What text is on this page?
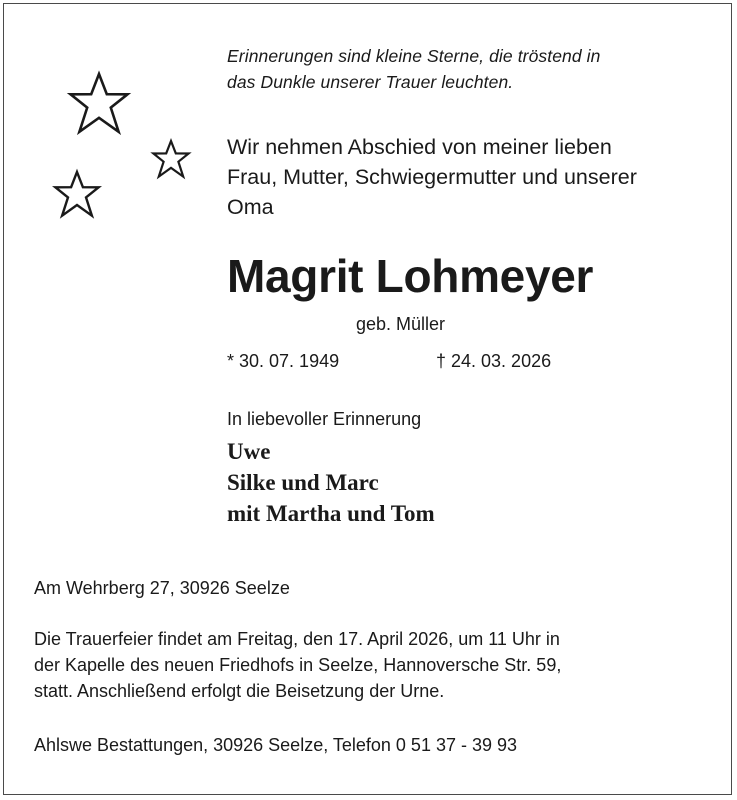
Erinnerungen sind kleine Sterne, die tröstend in
das Dunkle unserer Trauer leuchten.
Wir nehmen Abschied von meiner lieben
Frau, Mutter, Schwiegermutter und unserer
Oma
Magrit Lohmeyer
geb. Müller
* 30. 07. 1949	† 24. 03. 2026
In liebevoller Erinnerung
Uwe
Silke und Marc
mit Martha und Tom
Am Wehrberg 27, 30926 Seelze
Die Trauerfeier findet am Freitag, den 17. April 2026, um 11 Uhr in
der Kapelle des neuen Friedhofs in Seelze, Hannoversche Str. 59,
statt. Anschließend erfolgt die Beisetzung der Urne.
Ahlswe Bestattungen, 30926 Seelze, Telefon 0 51 37 - 39 93
